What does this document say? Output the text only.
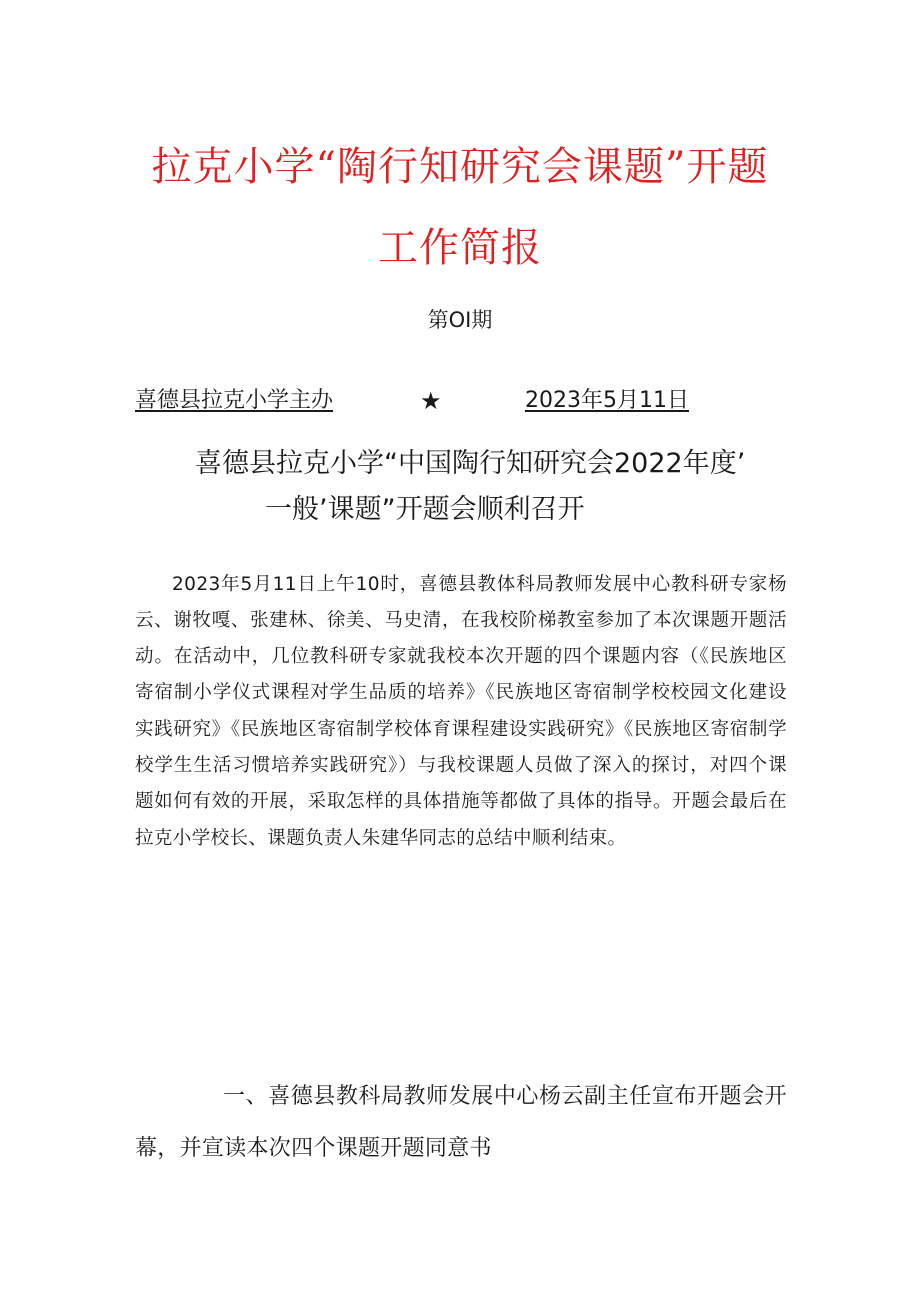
拉克小学“陶行知研究会课题”开题
工作简报
第OI期
喜德县拉克小学主办	★	2023年5月11日
喜德县拉克小学“中国陶行知研究会2022年度’
一般’课题”开题会顺利召开

2023年5月11日上午10时，喜德县教体科局教师发展中心教科研专家杨云、谢牧嘎、张建林、徐美、马史清，在我校阶梯教室参加了本次课题开题活动。在活动中，几位教科研专家就我校本次开题的四个课题内容（《民族地区寄宿制小学仪式课程对学生品质的培养》《民族地区寄宿制学校校园文化建设实践研究》《民族地区寄宿制学校体育课程建设实践研究》《民族地区寄宿制学校学生生活习惯培养实践研究》）与我校课题人员做了深入的探讨，对四个课题如何有效的开展，采取怎样的具体措施等都做了具体的指导。开题会最后在拉克小学校长、课题负责人朱建华同志的总结中顺利结束。

一、喜德县教科局教师发展中心杨云副主任宣布开题会开幕，并宣读本次四个课题开题同意书
